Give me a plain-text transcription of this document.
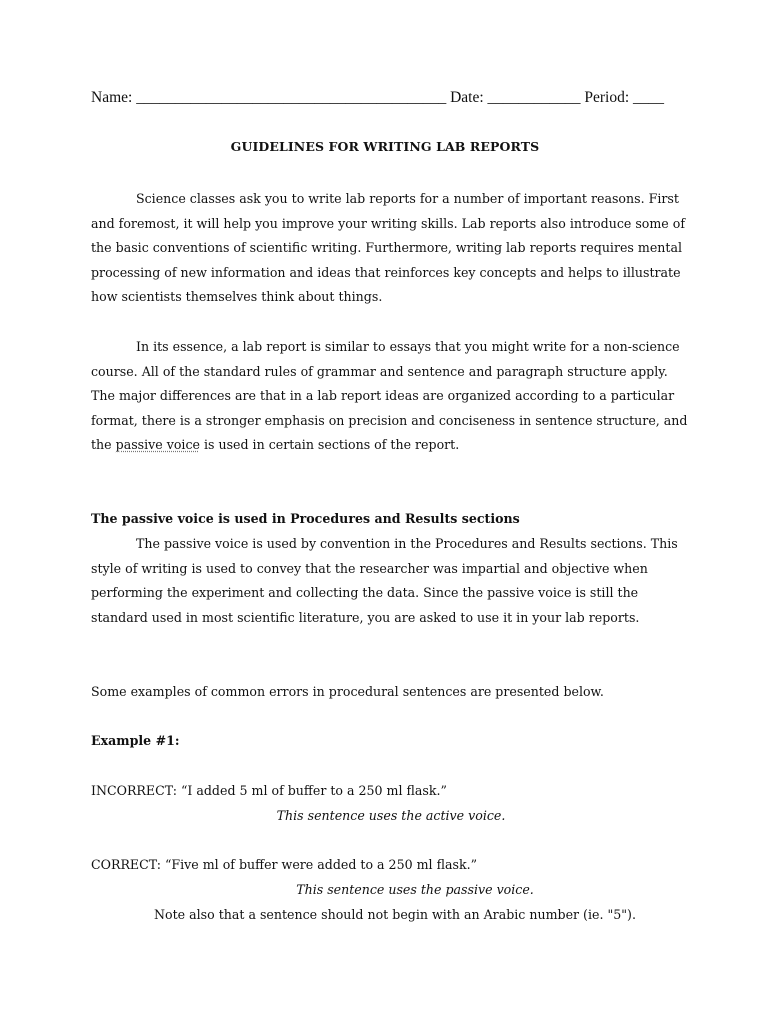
Name: ________________________________________ Date: ____________ Period: ____
GUIDELINES FOR WRITING LAB REPORTS

Science classes ask you to write lab reports for a number of important reasons. First and foremost, it will help you improve your writing skills. Lab reports also introduce some of the basic conventions of scientific writing. Furthermore, writing lab reports requires mental processing of new information and ideas that reinforces key concepts and helps to illustrate how scientists themselves think about things.

In its essence, a lab report is similar to essays that you might write for a non-science course. All of the standard rules of grammar and sentence and paragraph structure apply. The major differences are that in a lab report ideas are organized according to a particular format, there is a stronger emphasis on precision and conciseness in sentence structure, and the passive voice is used in certain sections of the report.

The passive voice is used in Procedures and Results sections

The passive voice is used by convention in the Procedures and Results sections. This style of writing is used to convey that the researcher was impartial and objective when performing the experiment and collecting the data. Since the passive voice is still the standard used in most scientific literature, you are asked to use it in your lab reports.

Some examples of common errors in procedural sentences are presented below.

Example #1:

INCORRECT: “I added 5 ml of buffer to a 250 ml flask.”

This sentence uses the active voice.

CORRECT: “Five ml of buffer were added to a 250 ml flask.”

This sentence uses the passive voice.

Note also that a sentence should not begin with an Arabic number (ie. "5").
